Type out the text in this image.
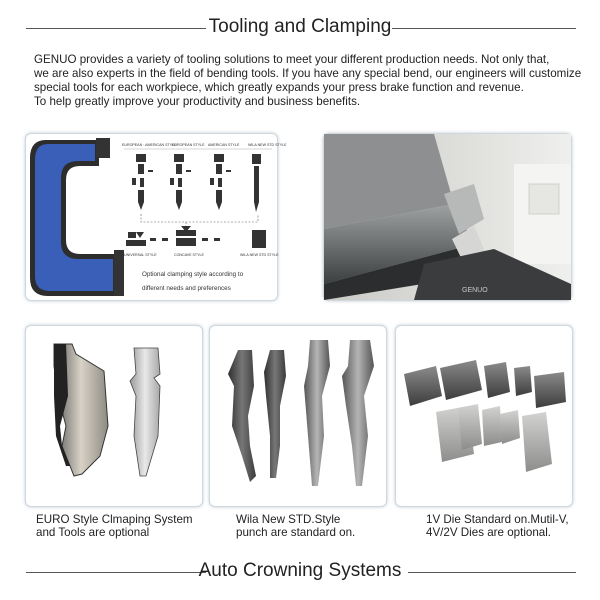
Tooling and Clamping

GENUO provides a variety of tooling solutions to meet your different production needs. Not only that,

we are also experts in the field of bending tools. If you have any special bend, our engineers will customize

special tools for each workpiece, which greatly expands your press brake function and revenue.

To help greatly improve your productivity and business benefits.

EUROPEAN · AMERICAN STYLE
EUROPEAN STYLE AMERICAN STYLE WILA NEW STD STYLE
UNIVERSAL STYLE	CONCAVE STYLE	WILA NEW STD STYLE
Optional clamping style according to
different needs and preferences	GENUO
EURO Style Clmaping System
and Tools are optional
Wila New STD.Style
punch are standard on.
1V Die Standard on.Mutil-V,
4V/2V Dies are optional.
Auto Crowning Systems
